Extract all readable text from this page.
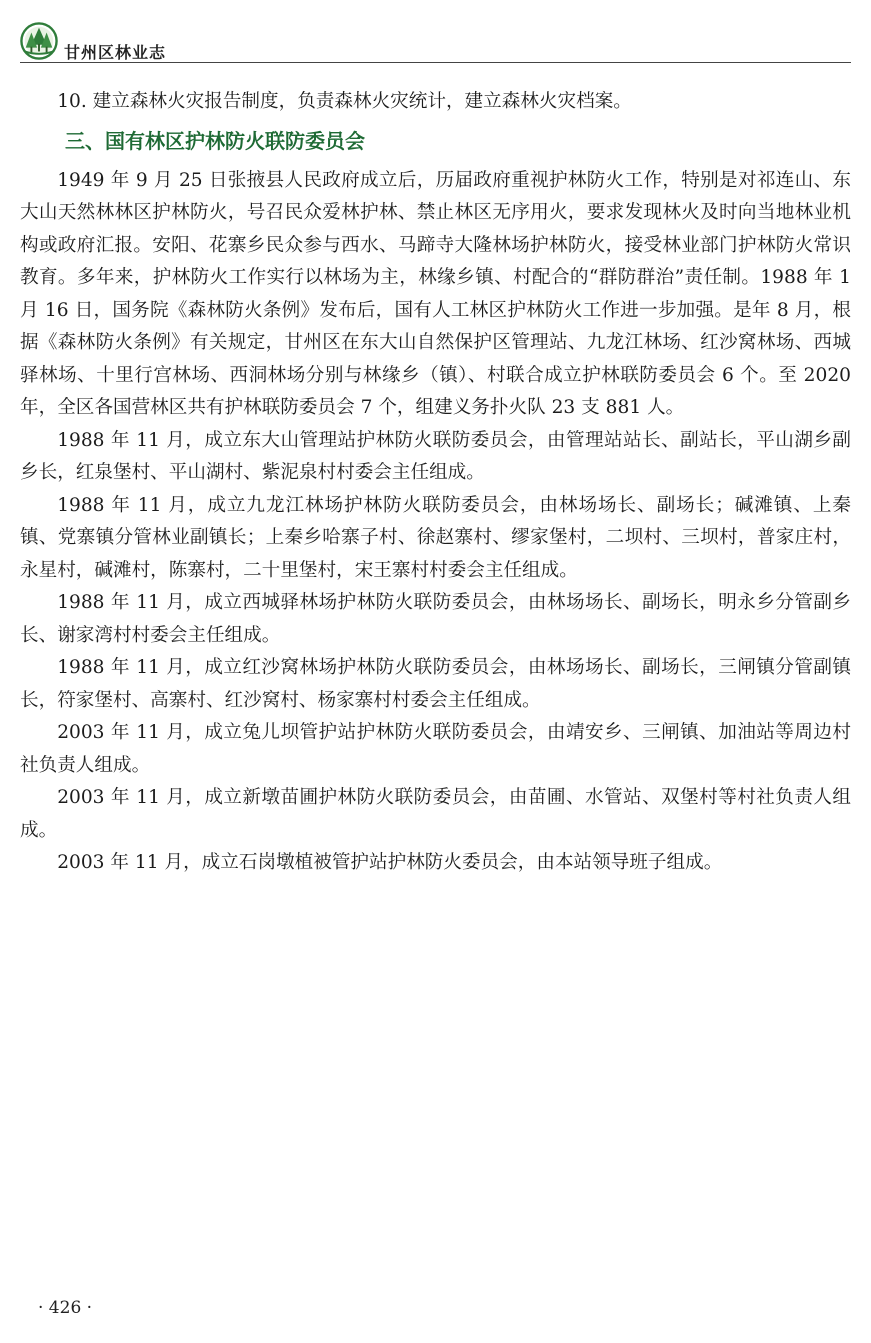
甘州区林业志

10. 建立森林火灾报告制度，负责森林火灾统计，建立森林火灾档案。

三、国有林区护林防火联防委员会

1949 年 9 月 25 日张掖县人民政府成立后，历届政府重视护林防火工作，特别是对祁连山、东大山天然林林区护林防火，号召民众爱林护林、禁止林区无序用火，要求发现林火及时向当地林业机构或政府汇报。安阳、花寨乡民众参与西水、马蹄寺大隆林场护林防火，接受林业部门护林防火常识教育。多年来，护林防火工作实行以林场为主，林缘乡镇、村配合的“群防群治”责任制。1988 年 1 月 16 日，国务院《森林防火条例》发布后，国有人工林区护林防火工作进一步加强。是年 8 月，根据《森林防火条例》有关规定，甘州区在东大山自然保护区管理站、九龙江林场、红沙窝林场、西城驿林场、十里行宫林场、西洞林场分别与林缘乡（镇）、村联合成立护林联防委员会 6 个。至 2020 年，全区各国营林区共有护林联防委员会 7 个，组建义务扑火队 23 支 881 人。

1988 年 11 月，成立东大山管理站护林防火联防委员会，由管理站站长、副站长，平山湖乡副乡长，红泉堡村、平山湖村、紫泥泉村村委会主任组成。

1988 年 11 月，成立九龙江林场护林防火联防委员会，由林场场长、副场长；碱滩镇、上秦镇、党寨镇分管林业副镇长；上秦乡哈寨子村、徐赵寨村、缪家堡村，二坝村、三坝村，普家庄村，永星村，碱滩村，陈寨村，二十里堡村，宋王寨村村委会主任组成。

1988 年 11 月，成立西城驿林场护林防火联防委员会，由林场场长、副场长，明永乡分管副乡长、谢家湾村村委会主任组成。

1988 年 11 月，成立红沙窝林场护林防火联防委员会，由林场场长、副场长，三闸镇分管副镇长，符家堡村、高寨村、红沙窝村、杨家寨村村委会主任组成。

2003 年 11 月，成立兔儿坝管护站护林防火联防委员会，由靖安乡、三闸镇、加油站等周边村社负责人组成。

2003 年 11 月，成立新墩苗圃护林防火联防委员会，由苗圃、水管站、双堡村等村社负责人组成。

2003 年 11 月，成立石岗墩植被管护站护林防火委员会，由本站领导班子组成。

· 426 ·
